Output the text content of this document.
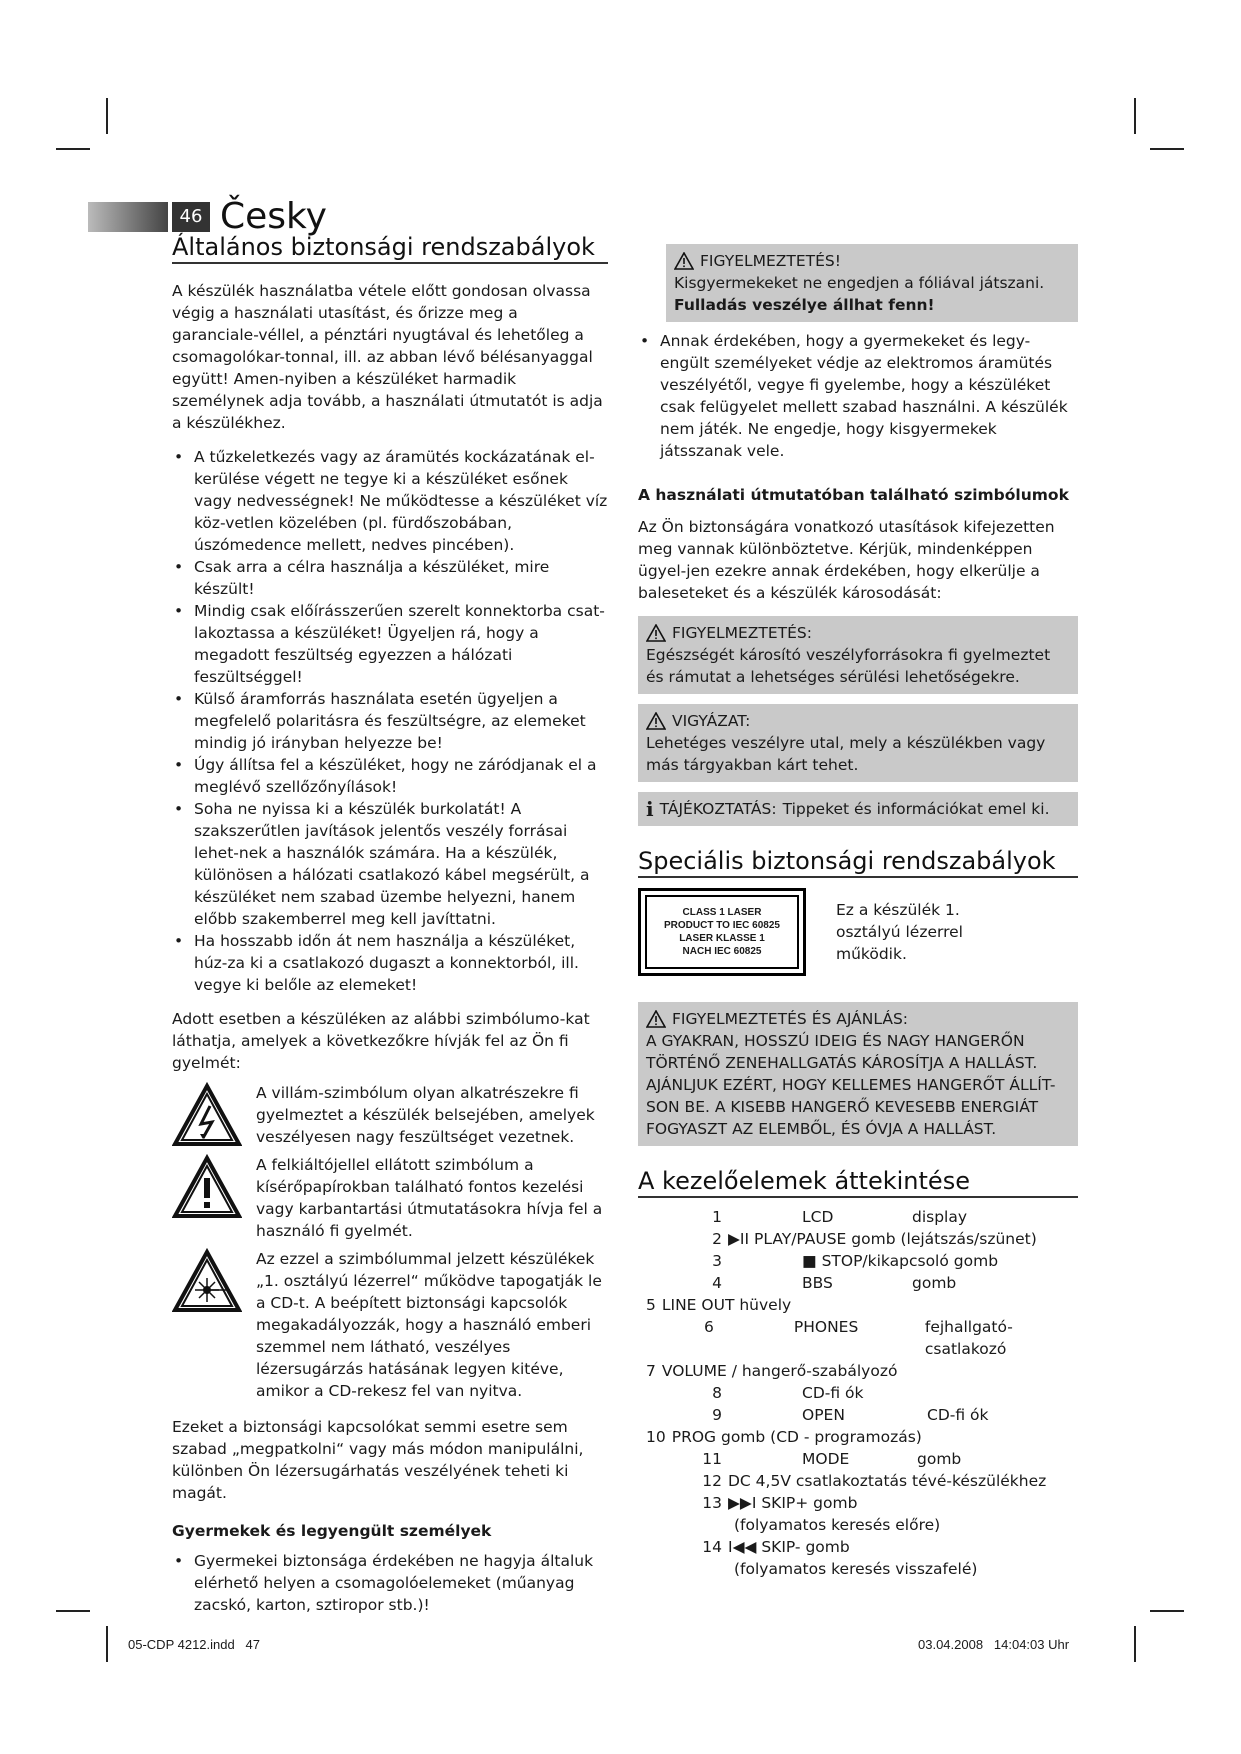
46 Česky
Általános biztonsági rendszabályok

A készülék használatba vétele előtt gondosan olvassa végig a használati utasítást, és őrizze meg a garanciale-véllel, a pénztári nyugtával és lehetőleg a csomagolókar-tonnal, ill. az abban lévő bélésanyaggal együtt! Amen-nyiben a készüléket harmadik személynek adja tovább, a használati útmutatót is adja a készülékhez.

• A tűzkeletkezés vagy az áramütés kockázatának el-kerülése végett ne tegye ki a készüléket esőnek vagy nedvességnek! Ne működtesse a készüléket víz köz-vetlen közelében (pl. fürdőszobában, úszómedence mellett, nedves pincében).
• Csak arra a célra használja a készüléket, mire készült!
• Mindig csak előírásszerűen szerelt konnektorba csat-lakoztassa a készüléket! Ügyeljen rá, hogy a megadott feszültség egyezzen a hálózati feszültséggel!
• Külső áramforrás használata esetén ügyeljen a megfelelő polaritásra és feszültségre, az elemeket mindig jó irányban helyezze be!
• Úgy állítsa fel a készüléket, hogy ne záródjanak el a meglévő szellőzőnyílások!
• Soha ne nyissa ki a készülék burkolatát! A szakszerűtlen javítások jelentős veszély forrásai lehet-nek a használók számára. Ha a készülék, különösen a hálózati csatlakozó kábel megsérült, a készüléket nem szabad üzembe helyezni, hanem előbb szakemberrel meg kell javíttatni.
• Ha hosszabb időn át nem használja a készüléket, húz-za ki a csatlakozó dugaszt a konnektorból, ill. vegye ki belőle az elemeket!

Adott esetben a készüléken az alábbi szimbólumo-kat láthatja, amelyek a következőkre hívják fel az Ön fi gyelmét:

A villám-szimbólum olyan alkatrészekre fi gyelmeztet a készülék belsejében, amelyek veszélyesen nagy feszültséget vezetnek.
A felkiáltójellel ellátott szimbólum a kísérőpapírokban található fontos kezelési vagy karbantartási útmutatásokra hívja fel a használó fi gyelmét.
Az ezzel a szimbólummal jelzett készülékek „1. osztályú lézerrel“ működve tapogatják le a CD-t. A beépített biztonsági kapcsolók megakadályozzák, hogy a használó emberi szemmel nem látható, veszélyes lézersugárzás hatásának legyen kitéve, amikor a CD-rekesz fel van nyitva.

Ezeket a biztonsági kapcsolókat semmi esetre sem szabad „megpatkolni“ vagy más módon manipulálni, különben Ön lézersugárhatás veszélyének teheti ki magát.

Gyermekek és legyengült személyek

• Gyermekei biztonsága érdekében ne hagyja általuk elérhető helyen a csomagolóelemeket (műanyag zacskó, karton, sztiropor stb.)!
FIGYELMEZTETÉS!
Kisgyermekeket ne engedjen a fóliával játszani.
Fulladás veszélye állhat fenn!
• Annak érdekében, hogy a gyermekeket és legy-engült személyeket védje az elektromos áramütés veszélyétől, vegye fi gyelembe, hogy a készüléket csak felügyelet mellett szabad használni. A készülék nem játék. Ne engedje, hogy kisgyermekek játsszanak vele.

A használati útmutatóban található szimbólumok

Az Ön biztonságára vonatkozó utasítások kifejezetten meg vannak különböztetve. Kérjük, mindenképpen ügyel-jen ezekre annak érdekében, hogy elkerülje a baleseteket és a készülék károsodását:

FIGYELMEZTETÉS:
Egészségét károsító veszélyforrásokra fi gyelmeztet és rámutat a lehetséges sérülési lehetőségekre.
VIGYÁZAT:
Lehetéges veszélyre utal, mely a készülékben vagy más tárgyakban kárt tehet.
i TÁJÉKOZTATÁS: Tippeket és információkat emel ki.
Speciális biztonsági rendszabályok
CLASS 1 LASER
PRODUCT TO IEC 60825
LASER KLASSE 1
NACH IEC 60825
Ez a készülék 1. osztályú lézerrel működik.
FIGYELMEZTETÉS ÉS AJÁNLÁS:
A GYAKRAN, HOSSZÚ IDEIG ÉS NAGY HANGERŐN TÖRTÉNŐ ZENEHALLGATÁS KÁROSÍTJA A HALLÁST. AJÁNLJUK EZÉRT, HOGY KELLEMES HANGERŐT ÁLLÍT-SON BE. A KISEBB HANGERŐ KEVESEBB ENERGIÁT FOGYASZT AZ ELEMBŐL, ÉS ÓVJA A HALLÁST.
A kezelőelemek áttekintése
1	LCD	display
2 ▶II PLAY/PAUSE gomb (lejátszás/szünet)
3	■ STOP/kikapcsoló gomb
4	BBS	gomb
5 LINE OUT hüvely
6	PHONES	fejhallgató-csatlakozó
7 VOLUME / hangerő-szabályozó
8	CD-fi ók
9	OPEN	CD-fi ók
10 PROG gomb (CD - programozás)
11	MODE	gomb
12 DC 4,5V csatlakoztatás tévé-készülékhez
13 ▶▶I SKIP+ gomb
(folyamatos keresés előre)
14 I◀◀ SKIP- gomb
(folyamatos keresés visszafelé)
05-CDP 4212.indd   47	03.04.2008   14:04:03 Uhr
